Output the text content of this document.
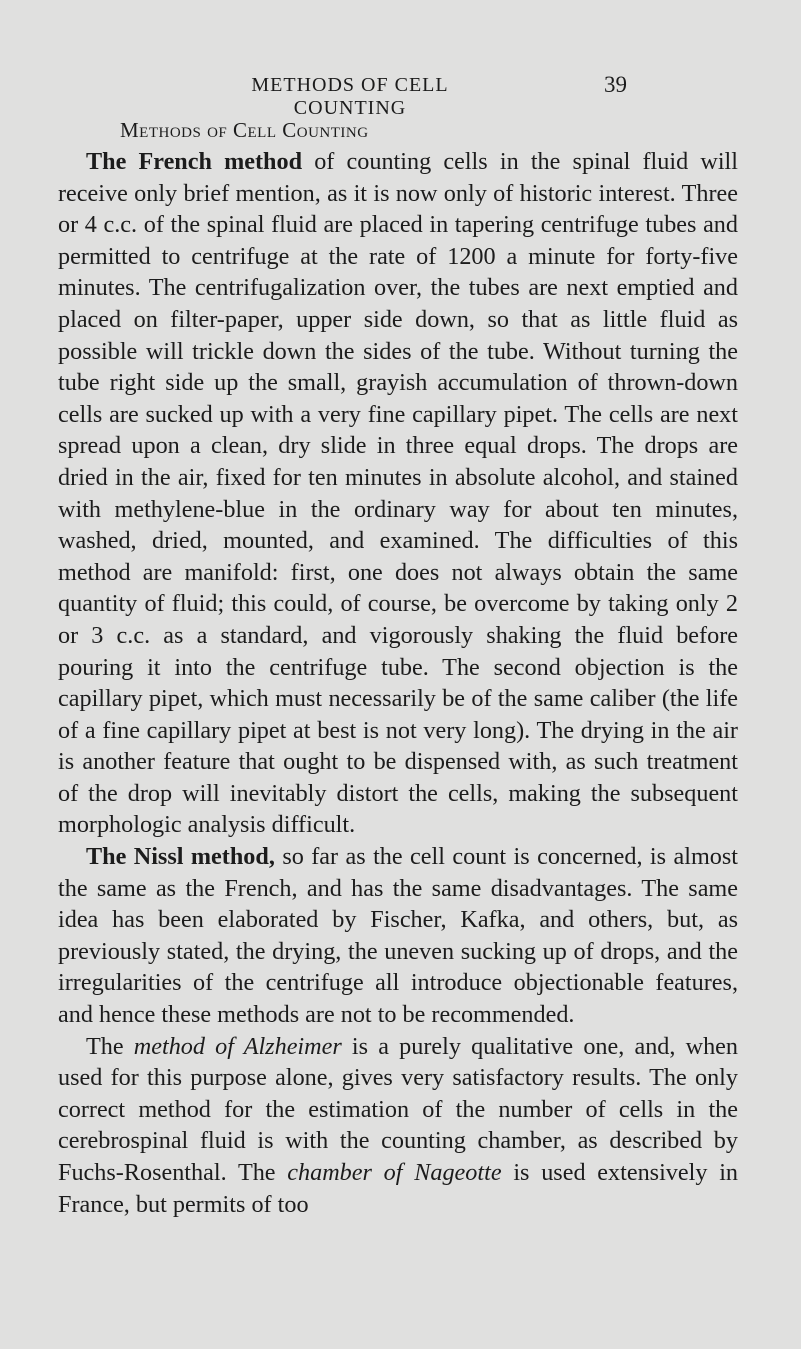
METHODS OF CELL COUNTING
39
Methods of Cell Counting

The French method of counting cells in the spinal fluid will receive only brief mention, as it is now only of historic interest. Three or 4 c.c. of the spinal fluid are placed in tapering centrifuge tubes and permitted to centrifuge at the rate of 1200 a minute for forty-five minutes. The centrifugalization over, the tubes are next emptied and placed on filter-paper, upper side down, so that as little fluid as possible will trickle down the sides of the tube. Without turning the tube right side up the small, grayish accumulation of thrown-down cells are sucked up with a very fine capillary pipet. The cells are next spread upon a clean, dry slide in three equal drops. The drops are dried in the air, fixed for ten minutes in absolute alcohol, and stained with methylene-blue in the ordinary way for about ten minutes, washed, dried, mounted, and examined. The difficulties of this method are manifold: first, one does not always obtain the same quantity of fluid; this could, of course, be overcome by taking only 2 or 3 c.c. as a standard, and vigorously shaking the fluid before pouring it into the centrifuge tube. The second objection is the capillary pipet, which must necessarily be of the same caliber (the life of a fine capillary pipet at best is not very long). The drying in the air is another feature that ought to be dispensed with, as such treatment of the drop will inevitably distort the cells, making the subsequent morphologic analysis difficult.

The Nissl method, so far as the cell count is concerned, is almost the same as the French, and has the same disadvantages. The same idea has been elaborated by Fischer, Kafka, and others, but, as previously stated, the drying, the uneven sucking up of drops, and the irregularities of the centrifuge all introduce objectionable features, and hence these methods are not to be recommended.

The method of Alzheimer is a purely qualitative one, and, when used for this purpose alone, gives very satisfactory results. The only correct method for the estimation of the number of cells in the cerebrospinal fluid is with the counting chamber, as described by Fuchs-Rosenthal. The chamber of Nageotte is used extensively in France, but permits of too
